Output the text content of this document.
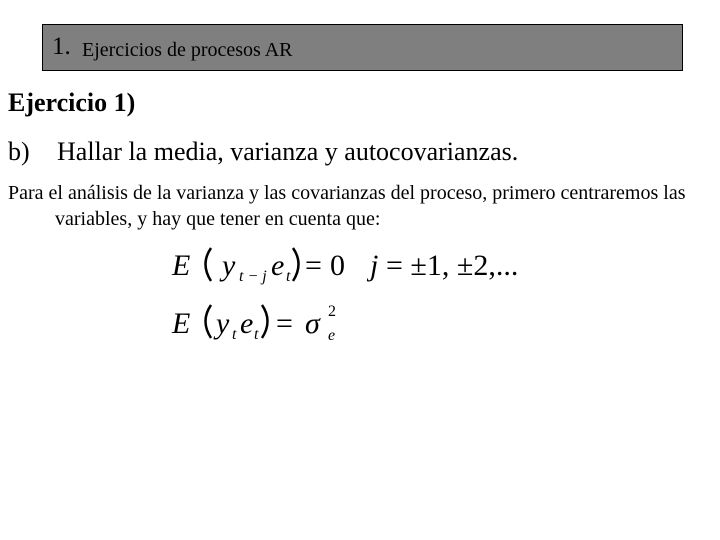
1. Ejercicios de procesos AR
Ejercicio 1)
b) Hallar la media, varianza y autocovarianzas.
Para el análisis de la varianza y las covarianzas del proceso, primero centraremos las variables, y hay que tener en cuenta que:
E y t − j e t = 0 j = ±1, ±2,...
E y t e t = σ 2
e
